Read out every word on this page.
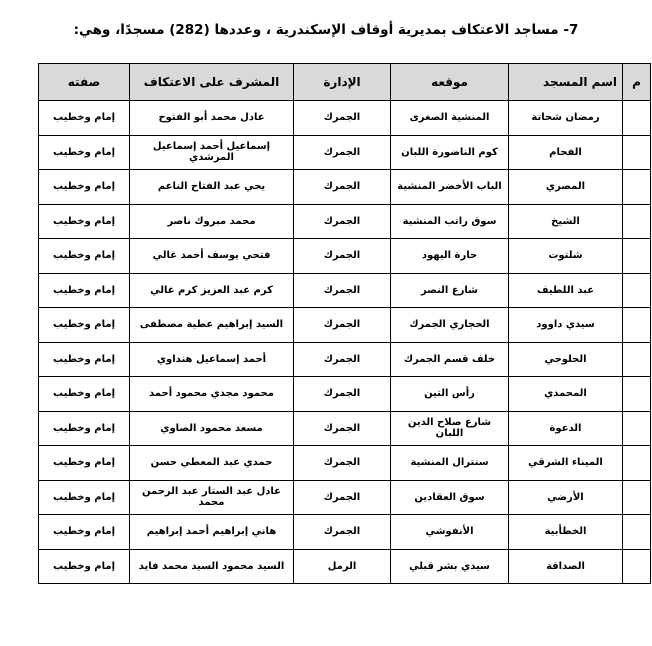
7- مساجد الاعتكاف بمديرية أوقاف الإسكندرية ، وعددها (282) مسجدًا، وهي:
م	اسم المسجد	موقعه	الإدارة	المشرف على الاعتكاف	صفته
	رمضان شحاتة	المنشية الصغرى	الجمرك	عادل محمد أبو الفتوح	إمام وخطيب
	الفحام	كوم الناضورة اللبان	الجمرك	إسماعيل أحمد إسماعيل المرشدي	إمام وخطيب
	المصري	الباب الأخضر المنشية	الجمرك	يحي عبد الفتاح الناعم	إمام وخطيب
	الشيخ	سوق راتب المنشية	الجمرك	محمد مبروك ناصر	إمام وخطيب
	شلتوت	حارة اليهود	الجمرك	فتحي يوسف أحمد غالي	إمام وخطيب
	عبد اللطيف	شارع النصر	الجمرك	كرم عبد العزيز كرم غالي	إمام وخطيب
	سيدي داوود	الحجاري الجمرك	الجمرك	السيد إبراهيم عطية مصطفى	إمام وخطيب
	الحلوجي	خلف قسم الجمرك	الجمرك	أحمد إسماعيل هنداوي	إمام وخطيب
	المحمدي	رأس التين	الجمرك	محمود مجدي محمود أحمد	إمام وخطيب
	الدعوة	شارع صلاح الدين اللبان	الجمرك	مسعد محمود الصاوي	إمام وخطيب
	الميناء الشرقي	سنترال المنشية	الجمرك	حمدي عبد المعطي حسن	إمام وخطيب
	الأرضي	سوق العقادين	الجمرك	عادل عبد الستار عبد الرحمن محمد	إمام وخطيب
	الخطأبية	الأنفوشي	الجمرك	هاني إبراهيم أحمد إبراهيم	إمام وخطيب
	الصداقة	سيدي بشر قبلي	الرمل	السيد محمود السيد محمد فايد	إمام وخطيب
